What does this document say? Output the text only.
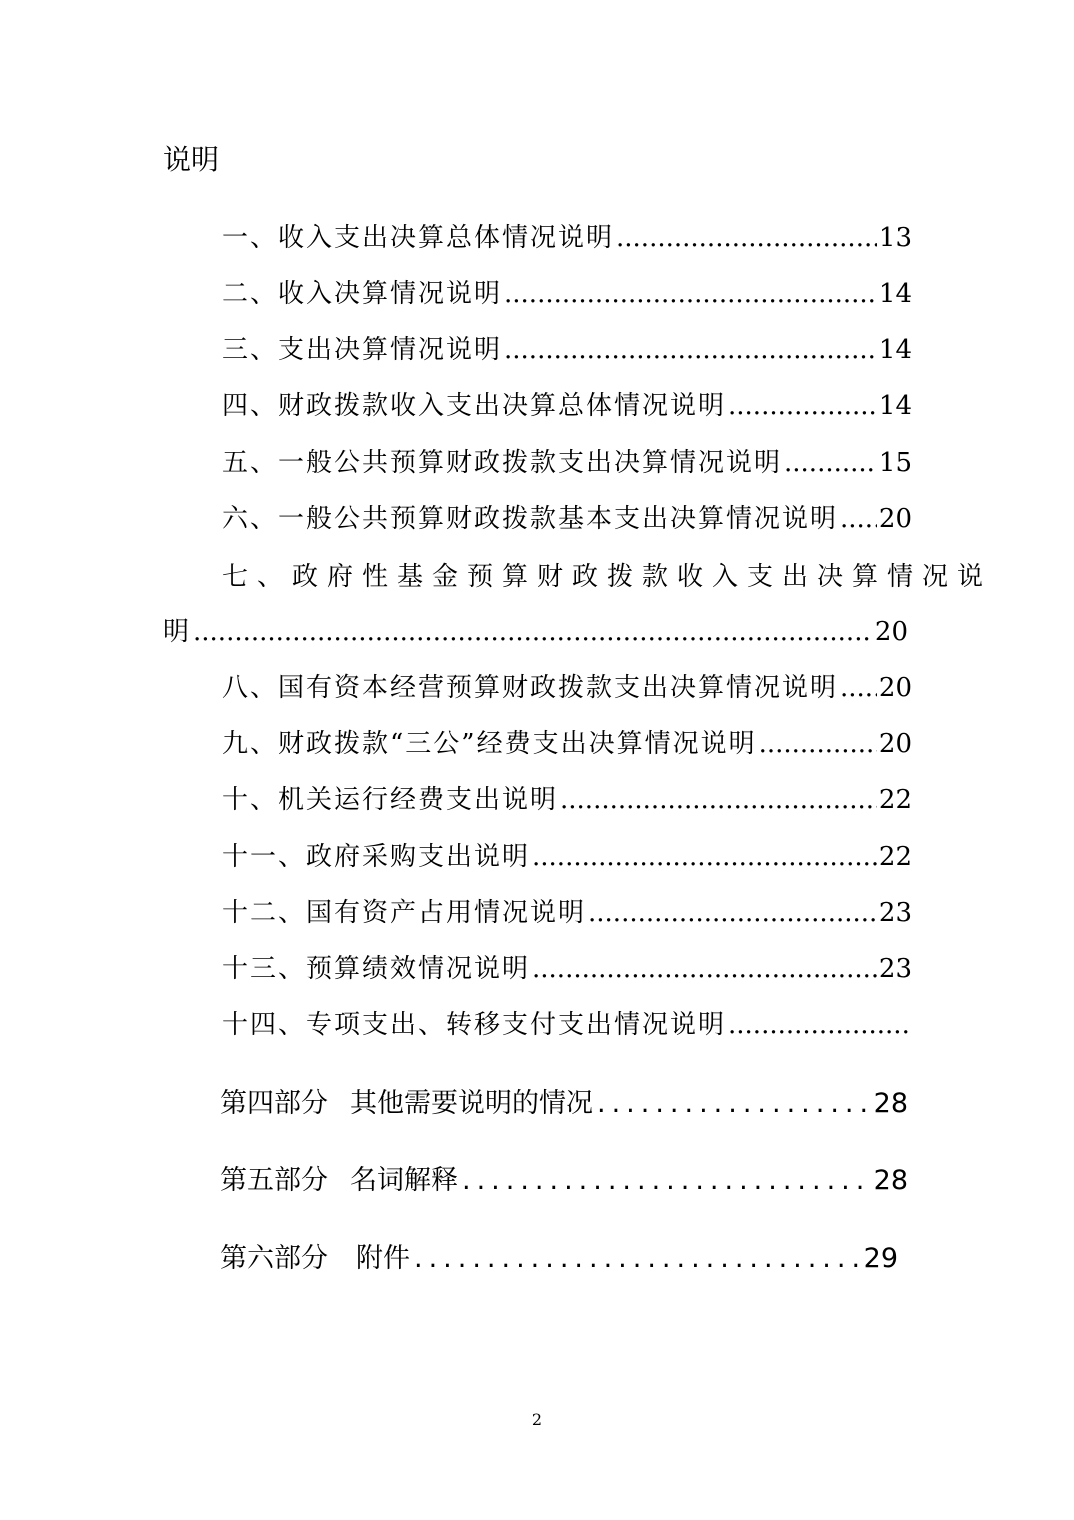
说明
一、收入支出决算总体情况说明 .....	13
二、收入决算情况说明 .....	14
三、支出决算情况说明 .....	14
四、财政拨款收入支出决算总体情况说明 .....	14
五、一般公共预算财政拨款支出决算情况说明 .....	15
六、一般公共预算财政拨款基本支出决算情况说明 ..... 20
七、政府性基金预算财政拨款收入支出决算情况说
明 .....	20
八、国有资本经营预算财政拨款支出决算情况说明 ..... 20
九、财政拨款“三公”经费支出决算情况说明 .....	20
十、机关运行经费支出说明 .....	22
十一、政府采购支出说明 .....	22
十二、国有资产占用情况说明 .....	23
十三、预算绩效情况说明 .....	23
十四、专项支出、转移支付支出情况说明
.....
第四部分 其他需要说明的情况 .....	28
第五部分 名词解释 .....	28
第六部分 附件 .....	29
2
